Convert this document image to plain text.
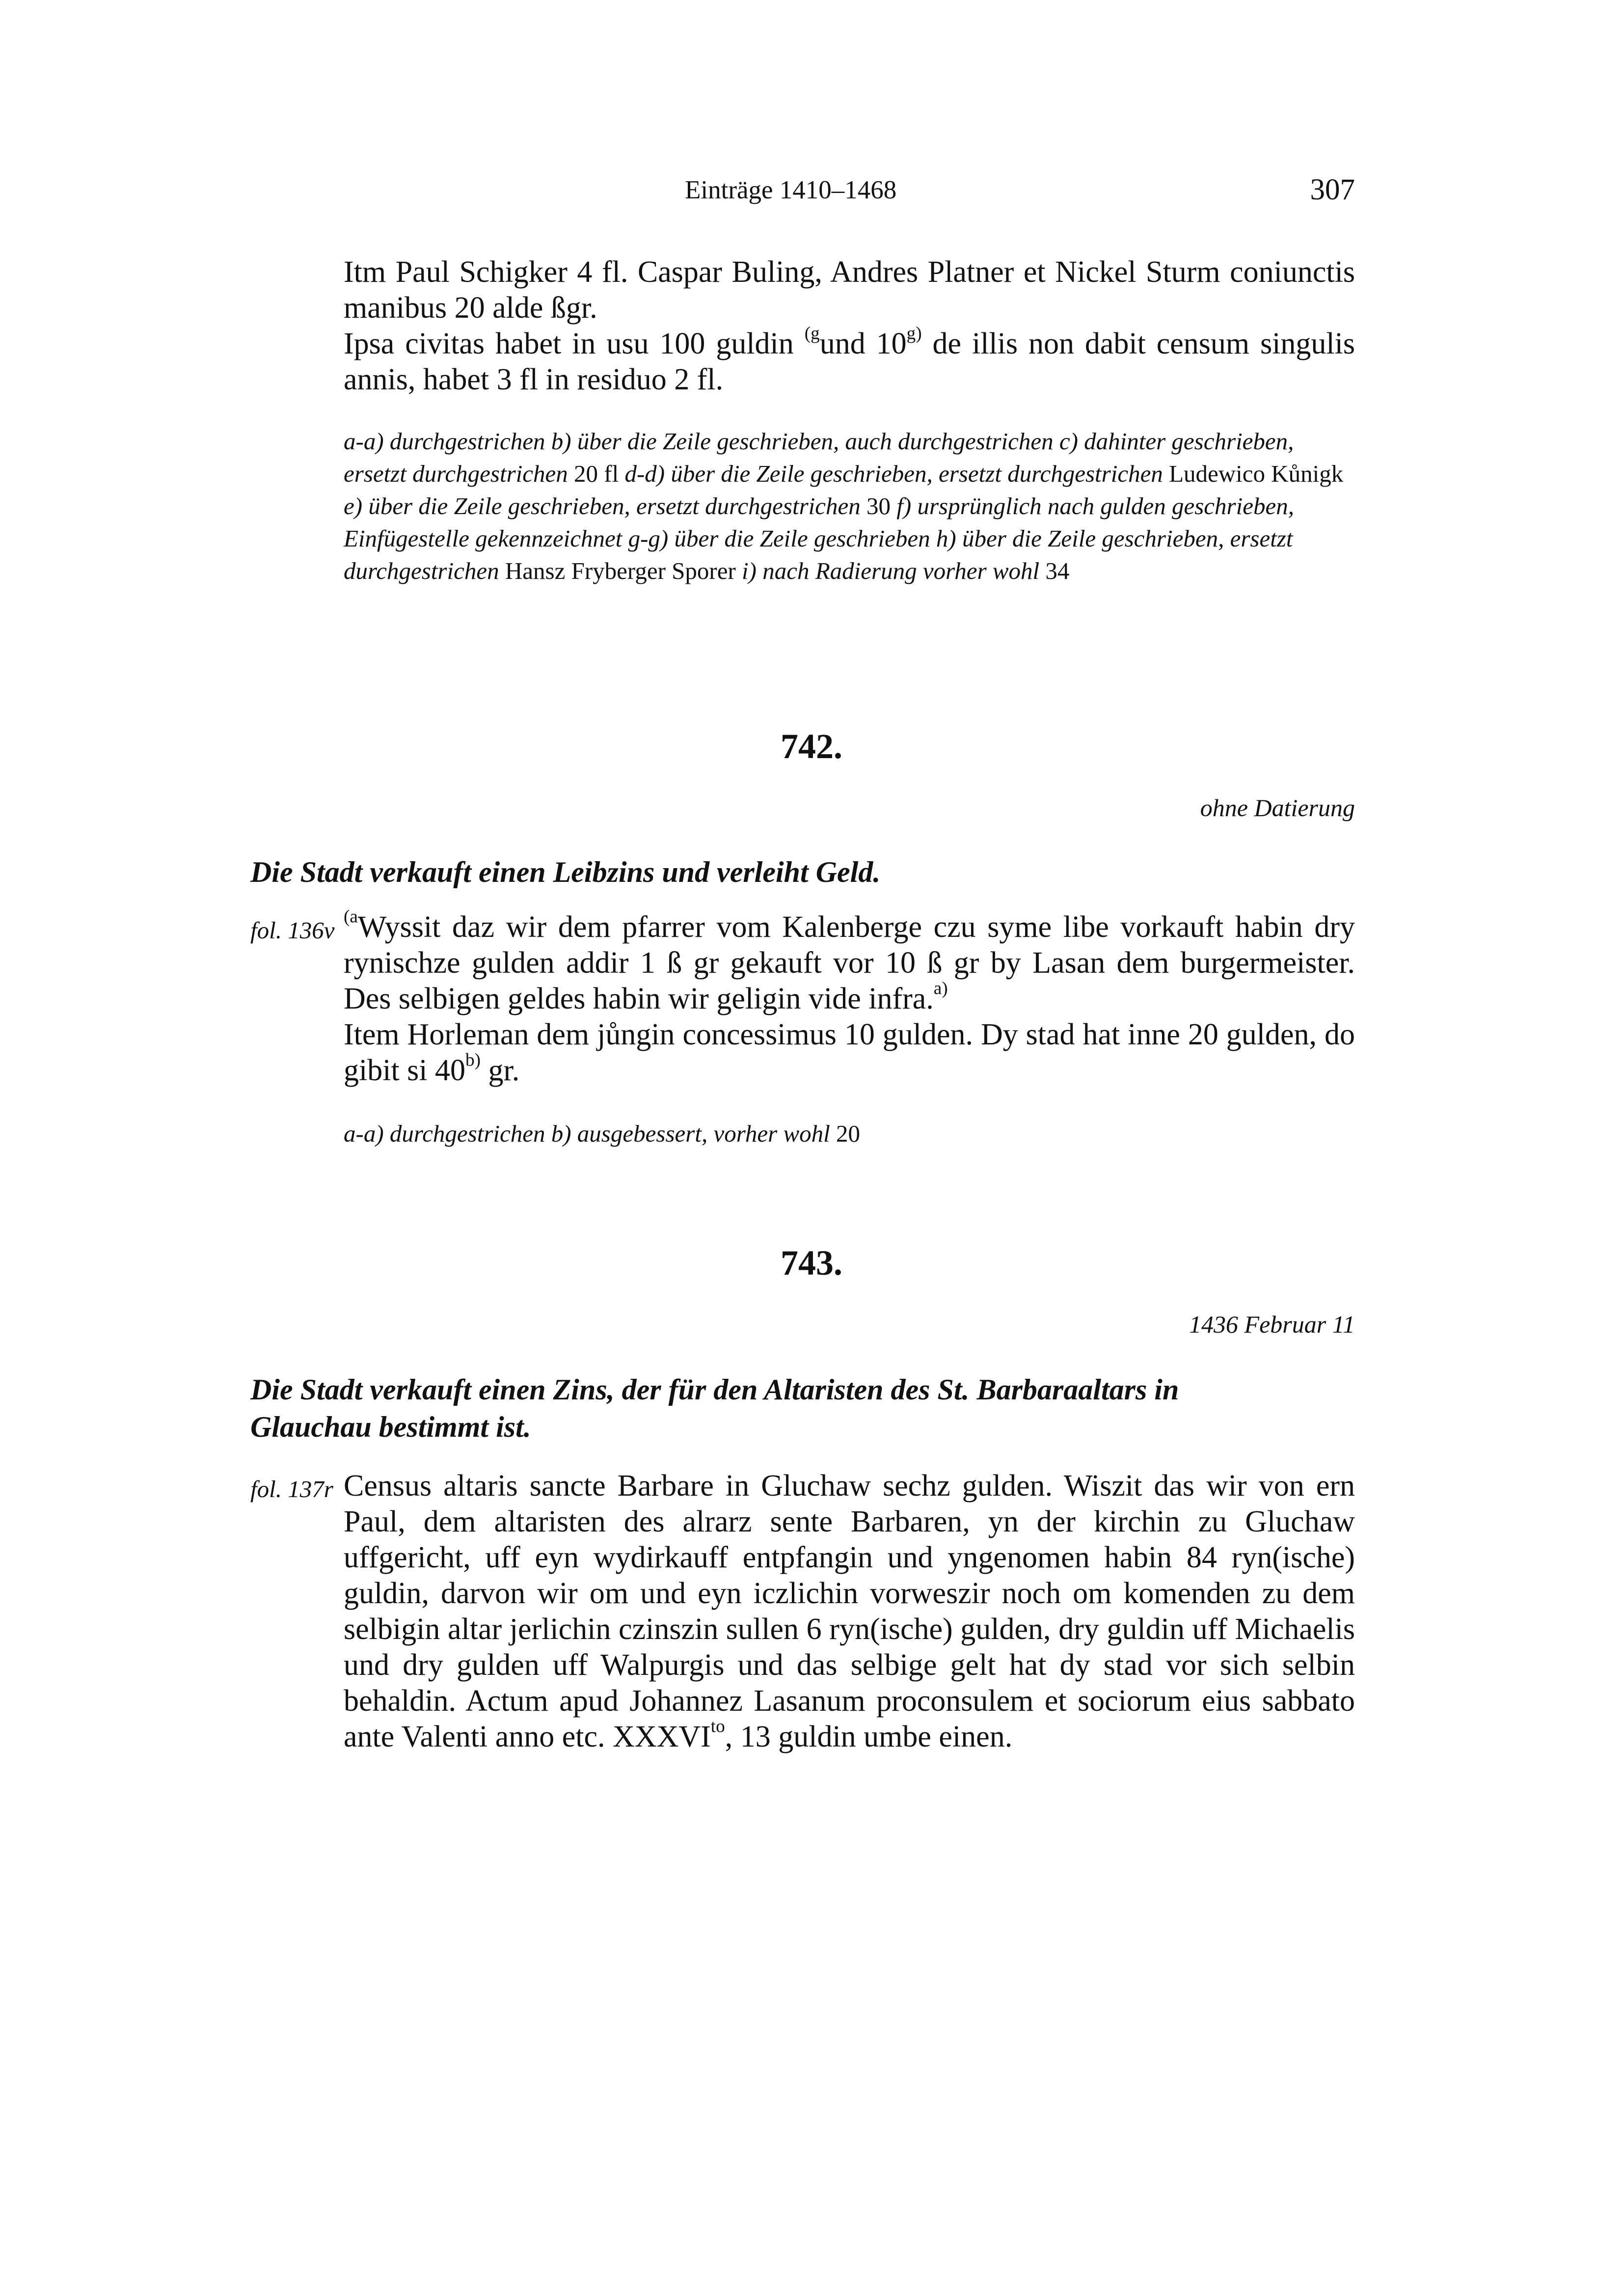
Einträge 1410–1468	307

Itm Paul Schigker 4 fl. Caspar Buling, Andres Platner et Nickel Sturm coniunctis manibus 20 alde ßgr.

Ipsa civitas habet in usu 100 guldin $^{(g}$und 10$^{g)}$ de illis non dabit censum singulis annis, habet 3 fl in residuo 2 fl.

a-a) durchgestrichen b) über die Zeile geschrieben, auch durchgestrichen c) dahinter geschrieben, ersetzt durchgestrichen 20 fl d-d) über die Zeile geschrieben, ersetzt durchgestrichen Ludewico Kůnigk e) über die Zeile geschrieben, ersetzt durchgestrichen 30 f) ursprünglich nach gulden geschrieben, Einfügestelle gekennzeichnet g-g) über die Zeile geschrieben h) über die Zeile geschrieben, ersetzt durchgestrichen Hansz Fryberger Sporer i) nach Radierung vorher wohl 34

742.
ohne Datierung

Die Stadt verkauft einen Leibzins und verleiht Geld.

fol. 136v

$^{(a}$Wyssit daz wir dem pfarrer vom Kalenberge czu syme libe vorkauft habin dry rynischze gulden addir 1 ß gr gekauft vor 10 ß gr by Lasan dem burgermeister. Des selbigen geldes habin wir geligin vide infra.$^{a)}$

Item Horleman dem jůngin concessimus 10 gulden. Dy stad hat inne 20 gulden, do gibit si 40$^{b)}$ gr.

a-a) durchgestrichen b) ausgebessert, vorher wohl 20

743.
1436 Februar 11

Die Stadt verkauft einen Zins, der für den Altaristen des St. Barbaraaltars in

Glauchau bestimmt ist.

fol. 137r Census altaris sancte Barbare in Gluchaw sechz gulden. Wiszit das wir von ern Paul, dem altaristen des alrarz sente Barbaren, yn der kirchin zu Gluchaw uffgericht, uff eyn wydirkauff entpfangin und yngenomen habin 84 ryn(ische) guldin, darvon wir om und eyn iczlichin vorweszir noch om komenden zu dem selbigin altar jerlichin czinszin sullen 6 ryn(ische) gulden, dry guldin uff Michaelis und dry gulden uff Walpurgis und das selbige gelt hat dy stad vor sich selbin behaldin. Actum apud Johannez Lasanum proconsulem et sociorum eius sabbato ante Valenti anno etc. $XXXVI^{to}$, 13 guldin umbe einen.
